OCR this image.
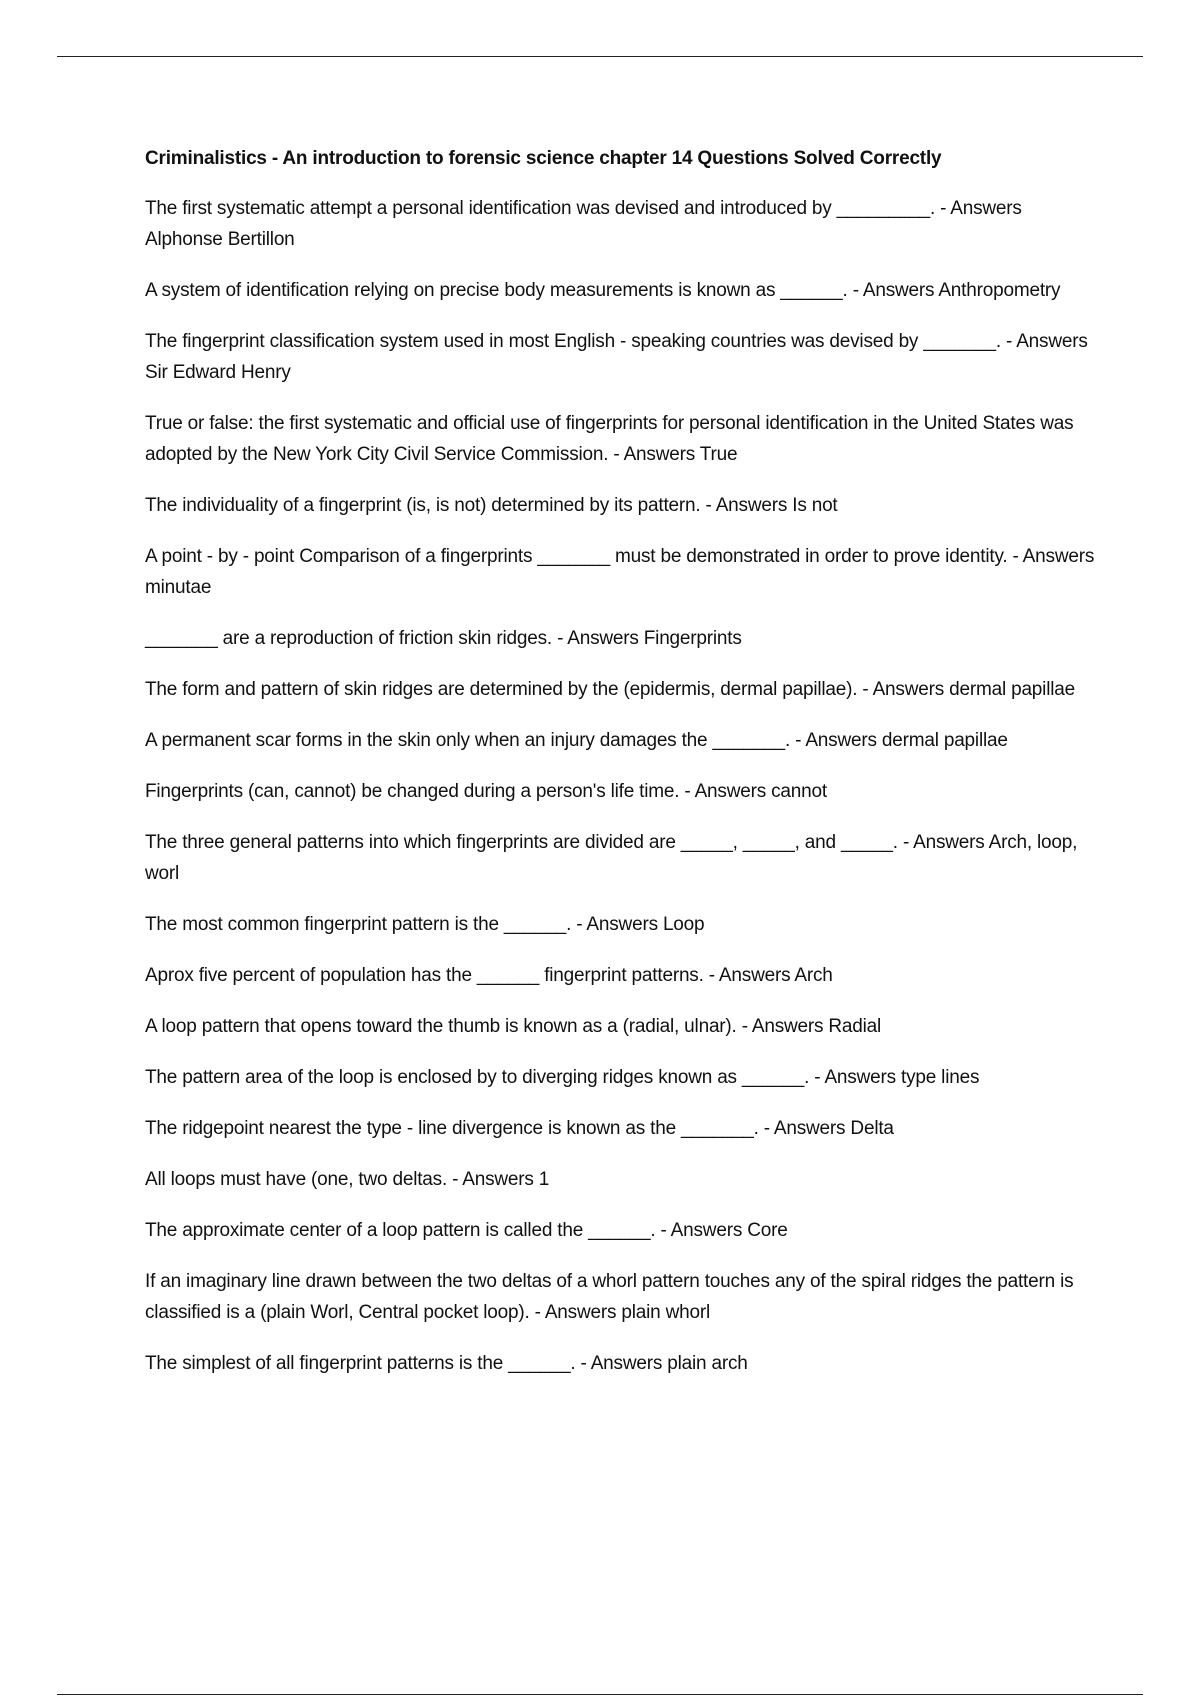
Criminalistics - An introduction to forensic science chapter 14 Questions Solved Correctly

The first systematic attempt a personal identification was devised and introduced by _________. - Answers Alphonse Bertillon
A system of identification relying on precise body measurements is known as ______. - Answers Anthropometry
The fingerprint classification system used in most English - speaking countries was devised by _______. - Answers Sir Edward Henry
True or false: the first systematic and official use of fingerprints for personal identification in the United States was adopted by the New York City Civil Service Commission. - Answers True
The individuality of a fingerprint (is, is not) determined by its pattern. - Answers Is not
A point - by - point Comparison of a fingerprints _______ must be demonstrated in order to prove identity. - Answers minutae
_______ are a reproduction of friction skin ridges. - Answers Fingerprints
The form and pattern of skin ridges are determined by the (epidermis, dermal papillae). - Answers dermal papillae
A permanent scar forms in the skin only when an injury damages the _______. - Answers dermal papillae
Fingerprints (can, cannot) be changed during a person's life time. - Answers cannot
The three general patterns into which fingerprints are divided are _____, _____, and _____. - Answers Arch, loop, worl
The most common fingerprint pattern is the ______. - Answers Loop
Aprox five percent of population has the ______ fingerprint patterns. - Answers Arch
A loop pattern that opens toward the thumb is known as a (radial, ulnar). - Answers Radial
The pattern area of the loop is enclosed by to diverging ridges known as ______. - Answers type lines
The ridgepoint nearest the type - line divergence is known as the _______. - Answers Delta
All loops must have (one, two deltas. - Answers 1
The approximate center of a loop pattern is called the ______. - Answers Core
If an imaginary line drawn between the two deltas of a whorl pattern touches any of the spiral ridges the pattern is classified is a (plain Worl, Central pocket loop). - Answers plain whorl
The simplest of all fingerprint patterns is the ______. - Answers plain arch
